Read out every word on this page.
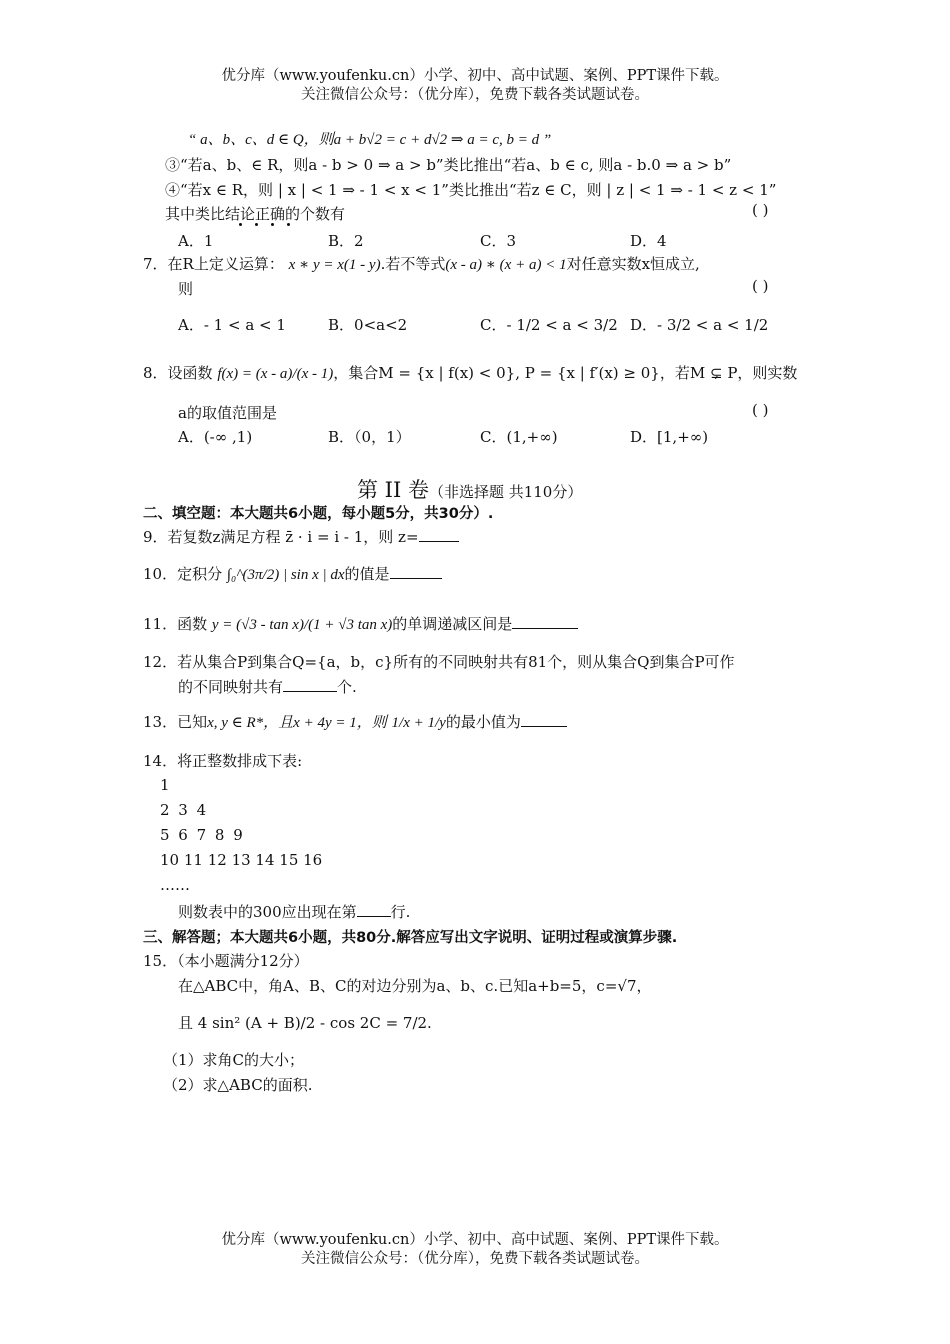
优分库（www.youfenku.cn）小学、初中、高中试题、案例、PPT课件下载。
关注微信公众号：（优分库），免费下载各类试题试卷。
“ a、b、c、d ∈ Q，则a + b√2 = c + d√2 ⇒ a = c, b = d ”
③“若a、b、∈ R，则a - b > 0 ⇒ a > b”类比推出“若a、b ∈ c, 则a - b.0 ⇒ a > b”
④“若x ∈ R，则 | x | < 1 ⇒ - 1 < x < 1”类比推出“若z ∈ C，则 | z | < 1 ⇒ - 1 < z < 1”
其中类比结论正确的个数有	( )
A．1	B．2	C．3	D．4
7．在R上定义运算： x ∗ y = x(1 - y).若不等式(x - a) ∗ (x + a) < 1对任意实数x恒成立,
则	( )
A．- 1 < a < 1	B．0<a<2	C．- 1/2 < a < 3/2 D．- 3/2 < a < 1/2
8．设函数 f(x) = (x - a)/(x - 1)，集合M = {x | f(x) < 0}, P = {x | f′(x) ≥ 0}，若M ⊊ P，则实数
a的取值范围是	( )
A．(-∞ ,1)	B．（0，1）	C．(1,+∞)	D．[1,+∞)
第 II 卷（非选择题 共110分）
二、填空题：本大题共6小题，每小题5分，共30分）.
9．若复数z满足方程 z̄ · i = i - 1，则 z=
10．定积分 ∫₀^(3π/2) | sin x | dx的值是
11．函数 y = (√3 - tan x)/(1 + √3 tan x)的单调递减区间是
12．若从集合P到集合Q={a，b，c}所有的不同映射共有81个，则从集合Q到集合P可作
的不同映射共有	个.
13．已知x, y ∈ R*，且x + 4y = 1，则 1/x + 1/y的最小值为
14．将正整数排成下表:
1
2 3 4
5 6 7 8 9
10 11 12 13 14 15 16
……
则数表中的300应出现在第 行.
三、解答题；本大题共6小题，共80分.解答应写出文字说明、证明过程或演算步骤.
15．（本小题满分12分）
在△ABC中，角A、B、C的对边分别为a、b、c.已知a+b=5，c=√7，
且 4 sin² (A + B)/2 - cos 2C = 7/2.
（1）求角C的大小；
（2）求△ABC的面积.
优分库（www.youfenku.cn）小学、初中、高中试题、案例、PPT课件下载。
关注微信公众号：（优分库），免费下载各类试题试卷。
